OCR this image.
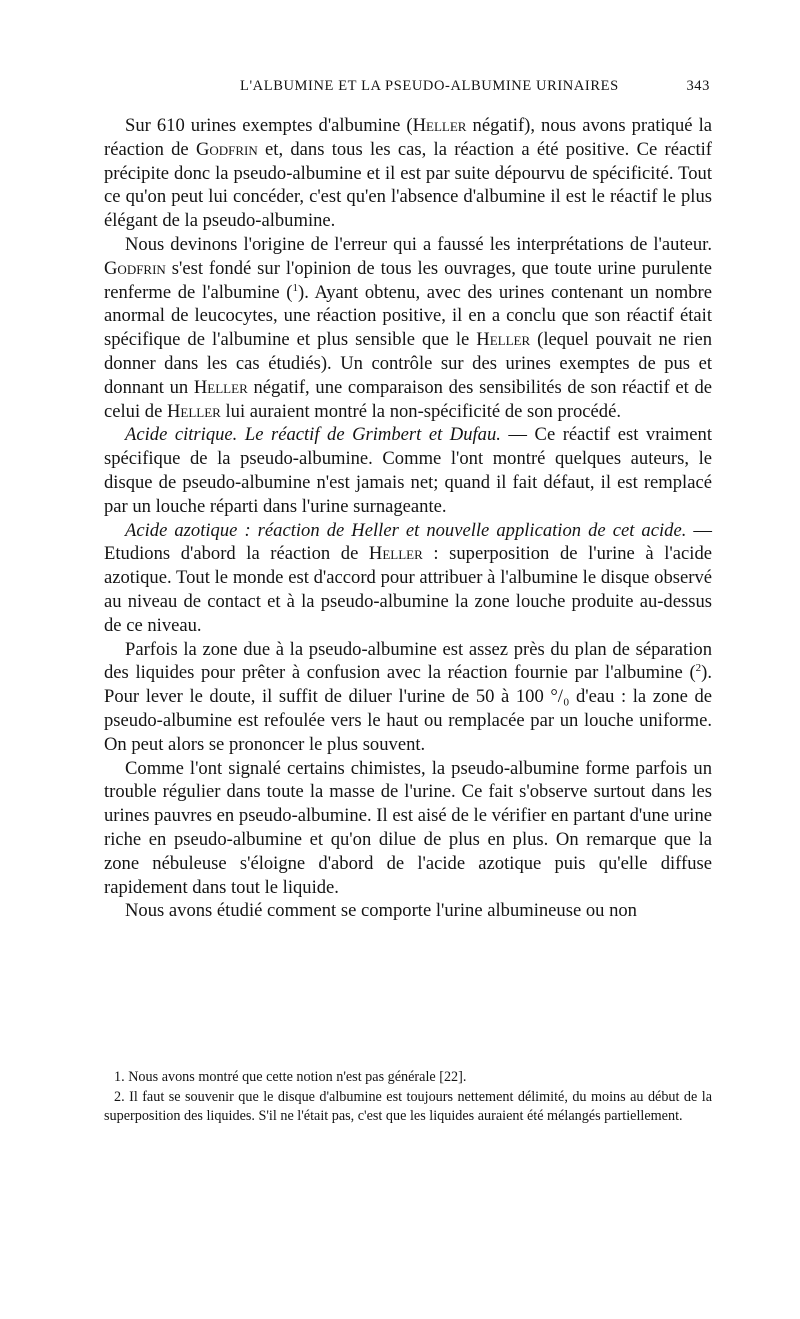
L'ALBUMINE ET LA PSEUDO-ALBUMINE URINAIRES	343

Sur 610 urines exemptes d'albumine (Heller négatif), nous avons pratiqué la réaction de Godfrin et, dans tous les cas, la réaction a été positive. Ce réactif précipite donc la pseudo-albumine et il est par suite dépourvu de spécificité. Tout ce qu'on peut lui concéder, c'est qu'en l'absence d'albumine il est le réactif le plus élégant de la pseudo-albumine.

Nous devinons l'origine de l'erreur qui a faussé les interprétations de l'auteur. Godfrin s'est fondé sur l'opinion de tous les ouvrages, que toute urine purulente renferme de l'albumine ($^1$). Ayant obtenu, avec des urines contenant un nombre anormal de leucocytes, une réaction positive, il en a conclu que son réactif était spécifique de l'albumine et plus sensible que le Heller (lequel pouvait ne rien donner dans les cas étudiés). Un contrôle sur des urines exemptes de pus et donnant un Heller négatif, une comparaison des sensibilités de son réactif et de celui de Heller lui auraient montré la non-spécificité de son procédé.

Acide citrique. Le réactif de Grimbert et Dufau. — Ce réactif est vraiment spécifique de la pseudo-albumine. Comme l'ont montré quelques auteurs, le disque de pseudo-albumine n'est jamais net; quand il fait défaut, il est remplacé par un louche réparti dans l'urine surnageante.

Acide azotique : réaction de Heller et nouvelle application de cet acide. — Etudions d'abord la réaction de Heller : superposition de l'urine à l'acide azotique. Tout le monde est d'accord pour attribuer à l'albumine le disque observé au niveau de contact et à la pseudo-albumine la zone louche produite au-dessus de ce niveau.

Parfois la zone due à la pseudo-albumine est assez près du plan de séparation des liquides pour prêter à confusion avec la réaction fournie par l'albumine ($^2$). Pour lever le doute, il suffit de diluer l'urine de 50 à 100 °/₀ d'eau : la zone de pseudo-albumine est refoulée vers le haut ou remplacée par un louche uniforme. On peut alors se prononcer le plus souvent.

Comme l'ont signalé certains chimistes, la pseudo-albumine forme parfois un trouble régulier dans toute la masse de l'urine. Ce fait s'observe surtout dans les urines pauvres en pseudo-albumine. Il est aisé de le vérifier en partant d'une urine riche en pseudo-albumine et qu'on dilue de plus en plus. On remarque que la zone nébuleuse s'éloigne d'abord de l'acide azotique puis qu'elle diffuse rapidement dans tout le liquide.

Nous avons étudié comment se comporte l'urine albumineuse ou non

1. Nous avons montré que cette notion n'est pas générale [22].

2. Il faut se souvenir que le disque d'albumine est toujours nettement délimité, du moins au début de la superposition des liquides. S'il ne l'était pas, c'est que les liquides auraient été mélangés partiellement.
